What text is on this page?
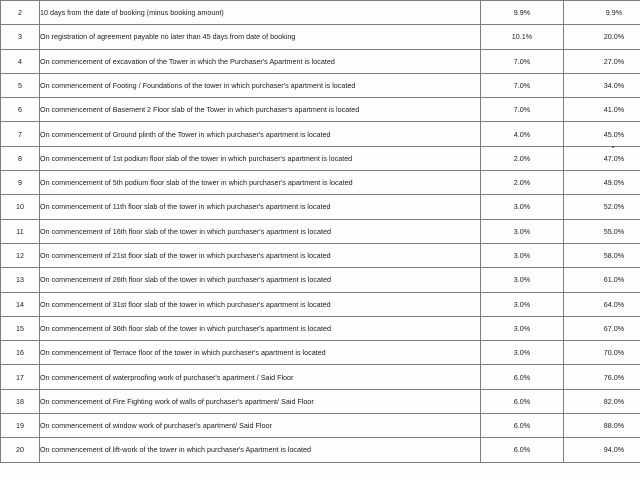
2	10 days from the date of booking (minus booking amount)	9.9%	9.9%
3	On registration of agreement payable no later than 45 days from date of booking	10.1%	20.0%
4	On commencement of excavation of the Tower in which the Purchaser's Apartment is located	7.0%	27.0%
5	On commencement of Footing / Foundations of the tower in which purchaser's apartment is located	7.0%	34.0%
6	On commencement of Basement 2 Floor slab of the Tower in which purchaser's apartment is located	7.0%	41.0%
7	On commencement of Ground plinth of the Tower in which purchaser's apartment is located	4.0%	45.0%
8	On commencement of 1st podium floor slab of the tower in which purchaser's apartment is located	2.0%	47.0%
9	On commencement of 5th podium floor slab of the tower in which purchaser's apartment is located	2.0%	49.0%
10	On commencement of 11th floor slab of the tower in which purchaser's apartment is located	3.0%	52.0%
11	On commencement of 16th floor slab of the tower in which purchaser's apartment is located	3.0%	55.0%
12	On commencement of 21st floor slab of the tower in which purchaser's apartment is located	3.0%	58.0%
13	On commencement of 26th floor slab of the tower in which purchaser's apartment is located	3.0%	61.0%
14	On commencement of 31st floor slab of the tower in which purchaser's apartment is located	3.0%	64.0%
15	On commencement of 36th floor slab of the tower in which purchaser's apartment is located	3.0%	67.0%
16	On commencement of Terrace floor of the tower in which purchaser's apartment is located	3.0%	70.0%
17	On commencement of waterproofing work of purchaser's apartment / Said Floor	6.0%	76.0%
18	On commencement of Fire Fighting work of walls of purchaser's apartment/ Said Floor	6.0%	82.0%
19	On commencement of window work of purchaser's apartment/ Said Floor	6.0%	88.0%
20	On commencement of lift-work of the tower in which purchaser's Apartment is located	6.0%	94.0%
